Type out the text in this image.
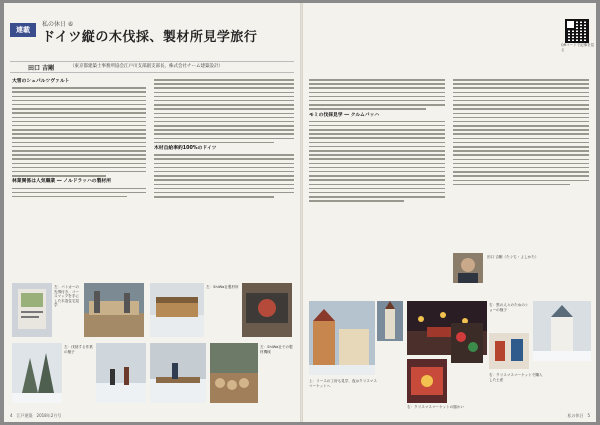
連載
私の休日 ⑥
ドイツ縦の木伐採、製材所見学旅行
田口 吉剛	（東京都建築士事務所協会江戸川支部副支部長、株式会社チーム建築設計）
大雪のシュパルツヴァルト
林業関係は人気職業 ― ノルドラッハの製材所
木材自給率約100%のドイツ
左：パトカーの先導付き、コースマップを手にした木造住宅見学
左：ShiWa社製材所
左：伐採する作業の様子
左：ShiWa社での製材機械
4　江戸建築　2018年2月号
QRコードで記事を見る
モミの伐採見学 ― クルムバッハ
田口 吉剛（たぐち・よしかた）
右：黒の人々のためのショーの様子
上：リースの工房も見学、夜はクリスマスマーケットへ
右：クリスマスマーケットで購入した土産
右：クリスマスマーケットの賑わい
私の休日　5
